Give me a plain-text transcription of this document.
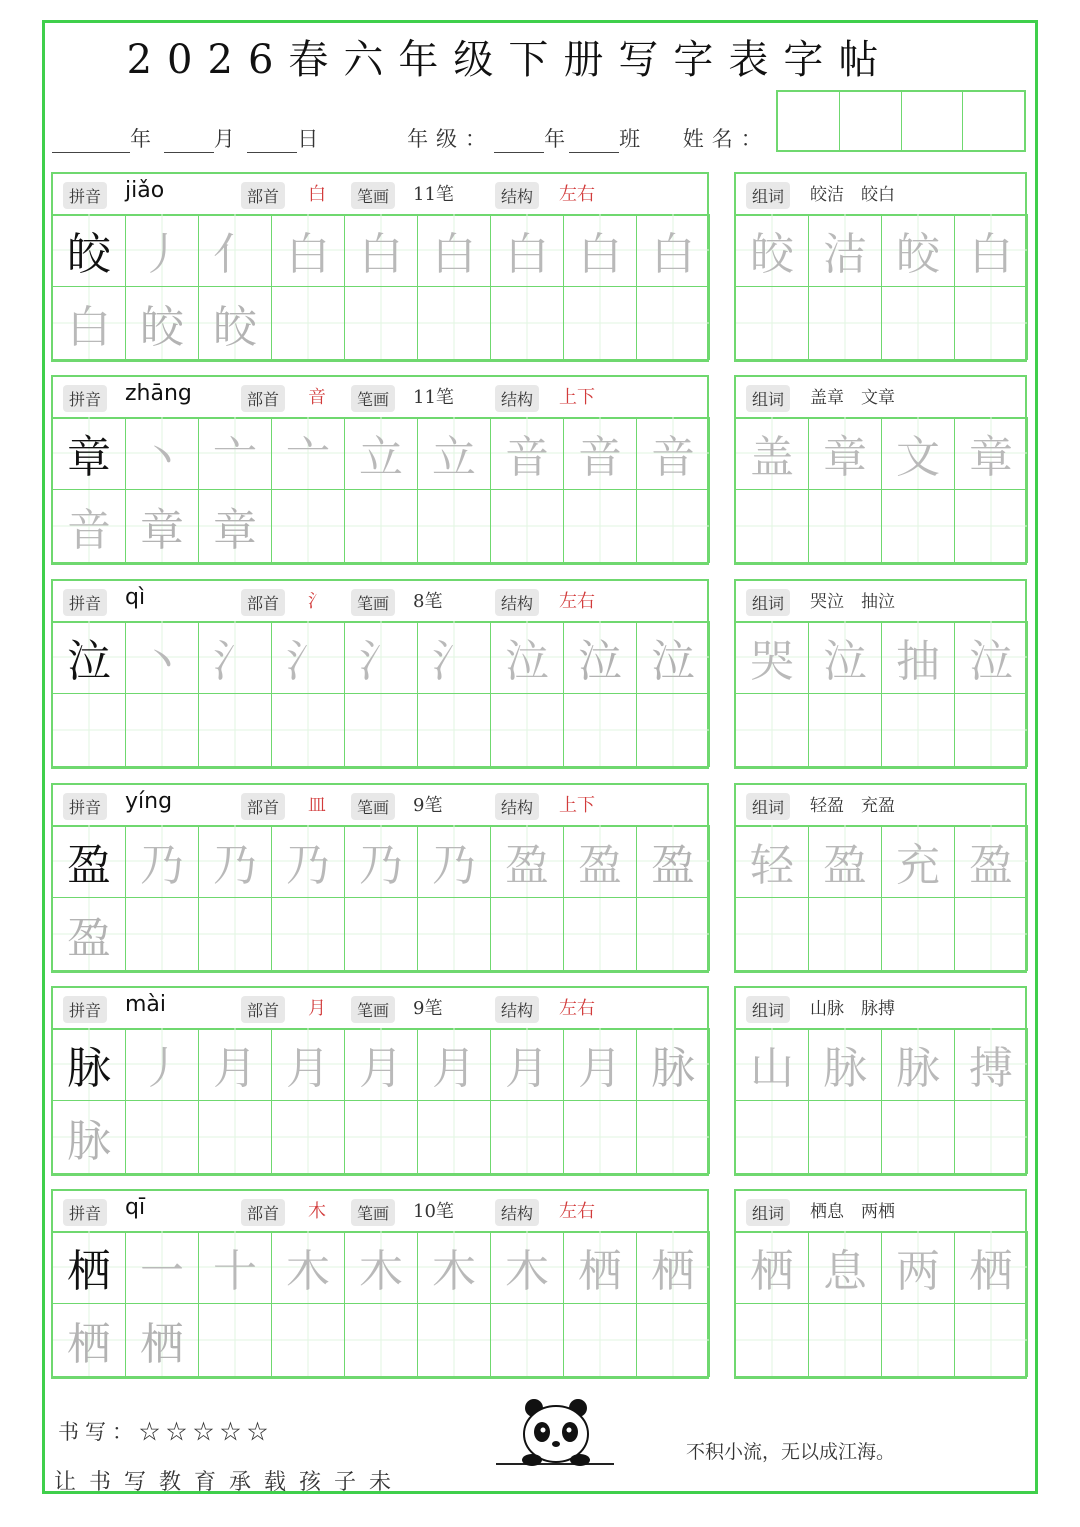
2026春六年级下册写字表字帖
年	月	日	年级： 年	班 姓名：
拼音 jiǎo	部首	白	笔画	11笔	结构	左右
皎 丿 亻 白 白 白 白 白 白
白 皎 皎
组词	皎洁　皎白
皎 洁 皎 白
拼音 zhāng	部首	音	笔画	11笔	结构	上下
章 丶 亠 亠 立 立 音 音 音
音 章 章
组词	盖章　文章
盖 章 文 章
拼音 qì	部首	氵	笔画	8笔	结构	左右
泣 丶 氵 氵 氵 氵 泣 泣 泣
组词	哭泣　抽泣
哭 泣 抽 泣
拼音 yíng	部首	皿	笔画	9笔	结构	上下
盈 乃 乃 乃 乃 乃 盈 盈 盈
盈
组词	轻盈　充盈
轻 盈 充 盈
拼音 mài	部首	月	笔画	9笔	结构	左右
脉 丿 月 月 月 月 月 月 脉
脉
组词	山脉　脉搏
山 脉 脉 搏
拼音 qī	部首	木	笔画	10笔	结构	左右
栖 一 十 木 木 木 木 栖 栖
栖 栖
组词	栖息　两栖
栖 息 两 栖
书写：☆☆☆☆☆
让书写教育承载孩子未
不积小流，无以成江海。
